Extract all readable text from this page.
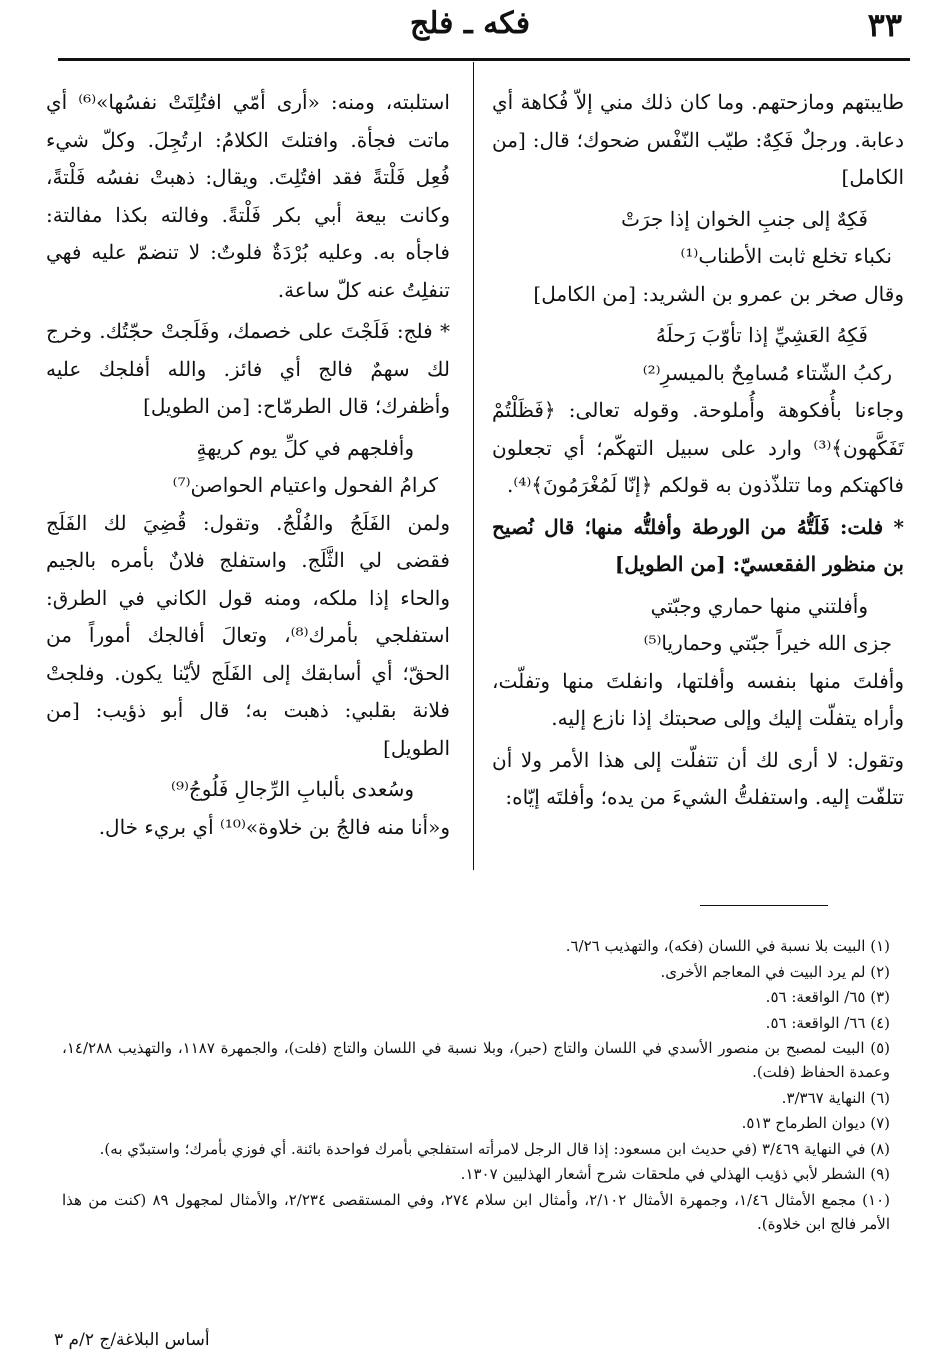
٣٣
فكه ـ فلج

طايبتهم ومازحتهم. وما كان ذلك مني إلاّ فُكاهة أي دعابة. ورجلٌ فَكِهٌ: طيّب النّفْس ضحوك؛ قال: [من الكامل]

فَكِهٌ إلى جنبِ الخوان إذا جرَتْ
نكباء تخلع ثابت الأطناب⁽¹⁾

وقال صخر بن عمرو بن الشريد: [من الكامل]

فَكِهُ العَشِيِّ إذا تأوّبَ رَحلَهُ
ركبُ الشّتاء مُسامِحٌ بالميسرِ⁽²⁾

وجاءنا بأُفكوهة وأُملوحة. وقوله تعالى: ﴿فَظَلْتُمْ تَفَكَّهون﴾⁽³⁾ وارد على سبيل التهكّم؛ أي تجعلون فاكهتكم وما تتلذّذون به قولكم ﴿إنّا لَمُغْرَمُونَ﴾⁽⁴⁾.

* فلت: فَلَتُّهُ من الورطة وأفلتُّه منها؛ قال نُصيح بن منظور الفقعسيّ: [من الطويل]

وأفلتني منها حماري وجبّتي
جزى الله خيراً جبّتي وحماريا⁽⁵⁾

وأفلتَ منها بنفسه وأفلتها، وانفلتَ منها وتفلّت، وأراه يتفلّت إليك وإلى صحبتك إذا نازع إليه.

وتقول: لا أرى لك أن تتفلّت إلى هذا الأمر ولا أن تتلفّت إليه. واستفلتُّ الشيءَ من يده؛ وأفلتَه إيّاه:

استلبته، ومنه: «أرى أمّي افتُلِتَتْ نفسُها»⁽⁶⁾ أي ماتت فجأة. وافتلتَ الكلامُ: ارتُجِلَ. وكلّ شيء فُعِل فَلْتةً فقد افتُلِتَ. ويقال: ذهبتْ نفسُه فَلْتةً، وكانت بيعة أبي بكر فَلْتةً. وفالته بكذا مفالتة: فاجأه به. وعليه بُرْدَةٌ فلوتٌ: لا تنضمّ عليه فهي تنفلِتُ عنه كلّ ساعة.

* فلج: فَلَجْتَ على خصمك، وفَلَجتْ حجّتُك. وخرج لك سهمٌ فالج أي فائز. والله أفلجك عليه وأظفرك؛ قال الطرمّاح: [من الطويل]

وأفلجهم في كلِّ يوم كريهةٍ
كرامُ الفحول واعتيام الحواصن⁽⁷⁾

ولمن الفَلَجُ والفُلْجُ. وتقول: قُضِيَ لك الفَلَج فقضى لي الثَّلَج. واستفلج فلانٌ بأمره بالجيم والحاء إذا ملكه، ومنه قول الكاني في الطرق: استفلجي بأمرك⁽⁸⁾، وتعالَ أفالجك أموراً من الحقّ؛ أي أسابقك إلى الفَلَج لأيّنا يكون. وفلجتْ فلانة بقلبي: ذهبت به؛ قال أبو ذؤيب: [من الطويل]

وسُعدى بألبابِ الرِّجالِ فَلُوجُ⁽⁹⁾

و«أنا منه فالجُ بن خلاوة»⁽¹⁰⁾ أي بريء خال.

(١) البيت بلا نسبة في اللسان (فكه)، والتهذيب ٦/٢٦.

(٢) لم يرد البيت في المعاجم الأخرى.

(٣) ٦٥/ الواقعة: ٥٦.

(٤) ٦٦/ الواقعة: ٥٦.

(٥) البيت لمصبح بن منصور الأسدي في اللسان والتاج (حبر)، وبلا نسبة في اللسان والتاج (فلت)، والجمهرة ١١٨٧، والتهذيب ١٤/٢٨٨، وعمدة الحفاظ (فلت).

(٦) النهاية ٣/٣٦٧.

(٧) ديوان الطرماح ٥١٣.

(٨) في النهاية ٣/٤٦٩ (في حديث ابن مسعود: إذا قال الرجل لامرأته استفلجي بأمرك فواحدة بائنة. أي فوزي بأمرك؛ واستبدّي به).

(٩) الشطر لأبي ذؤيب الهذلي في ملحقات شرح أشعار الهذليين ١٣٠٧.

(١٠) مجمع الأمثال ١/٤٦، وجمهرة الأمثال ٢/١٠٢، وأمثال ابن سلام ٢٧٤، وفي المستقصى ٢/٢٣٤، والأمثال لمجهول ٨٩ (كنت من هذا الأمر فالج ابن خلاوة).

أساس البلاغة/ج ٢/م ٣
